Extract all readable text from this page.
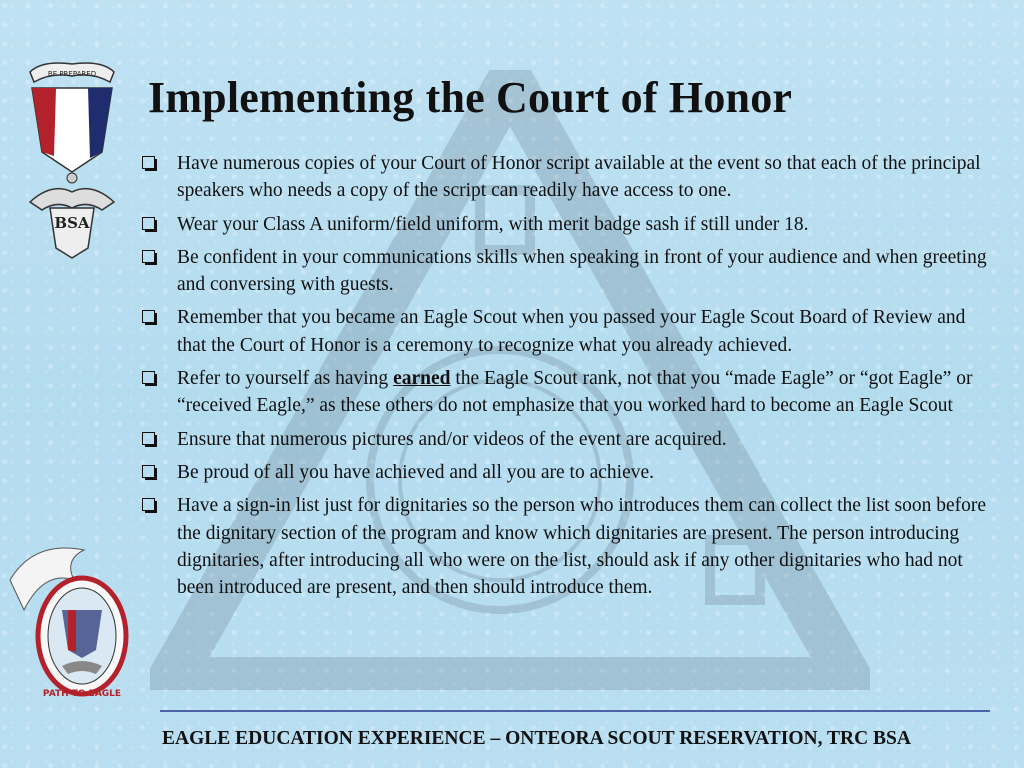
BE PREPARED
BSA
PATH TO EAGLE
Implementing the Court of Honor
Have numerous copies of your Court of Honor script available at the event so that each of the principal speakers who needs a copy of the script can readily have access to one.
Wear your Class A uniform/field uniform, with merit badge sash if still under 18.
Be confident in your communications skills when speaking in front of your audience and when greeting and conversing with guests.
Remember that you became an Eagle Scout when you passed your Eagle Scout Board of Review and that the Court of Honor is a ceremony to recognize what you already achieved.
Refer to yourself as having earned the Eagle Scout rank, not that you “made Eagle” or “got Eagle” or “received Eagle,” as these others do not emphasize that you worked hard to become an Eagle Scout
Ensure that numerous pictures and/or videos of the event are acquired.
Be proud of all you have achieved and all you are to achieve.
Have a sign-in list just for dignitaries so the person who introduces them can collect the list soon before the dignitary section of the program and know which dignitaries are present. The person introducing dignitaries, after introducing all who were on the list, should ask if any other dignitaries who had not been introduced are present, and then should introduce them.

EAGLE EDUCATION EXPERIENCE – ONTEORA SCOUT RESERVATION, TRC BSA
